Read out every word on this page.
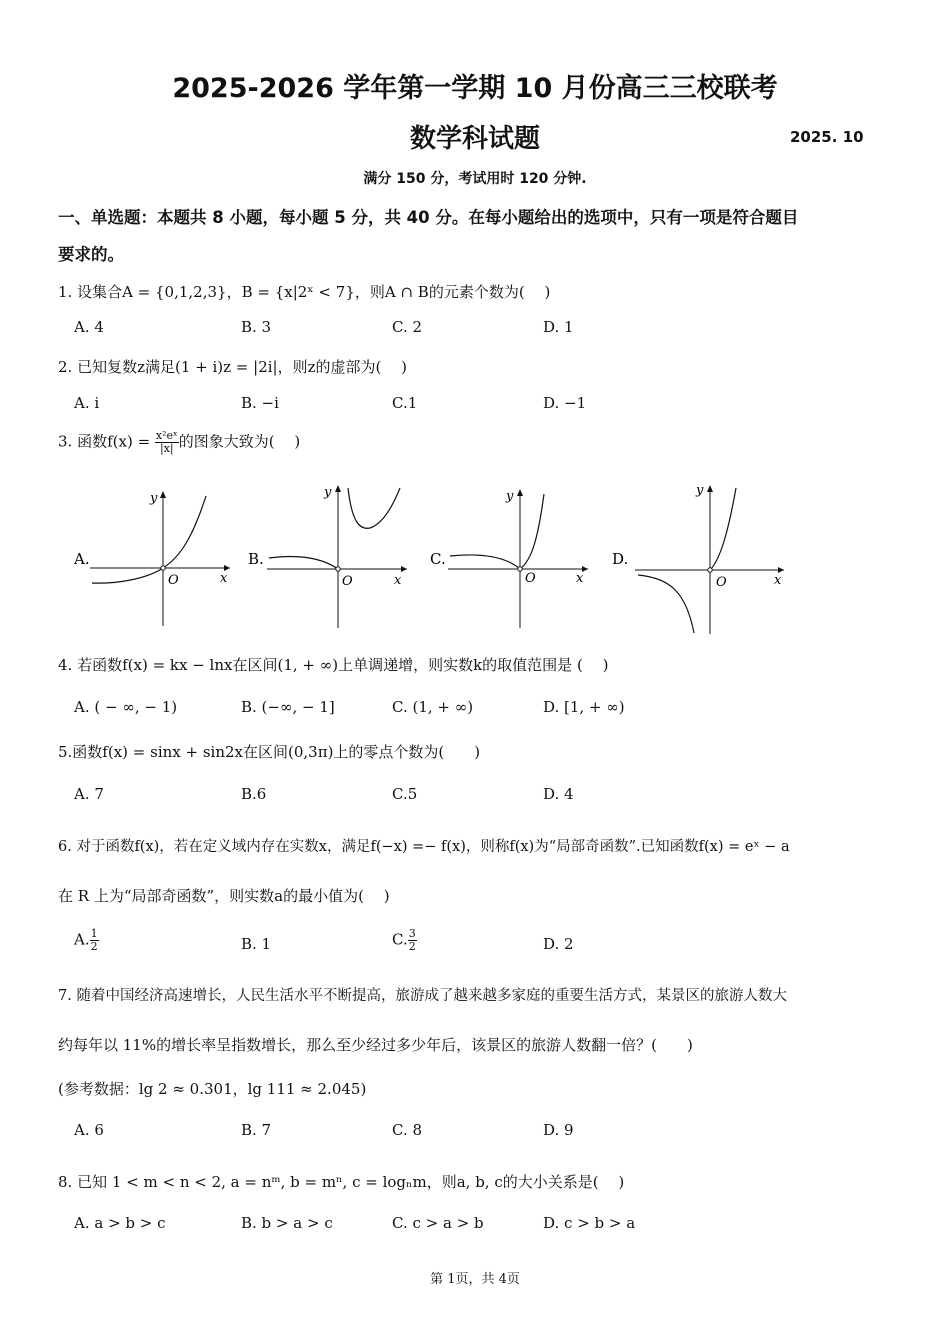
2025-2026 学年第一学期 10 月份高三三校联考
数学科试题	2025. 10
满分 150 分，考试用时 120 分钟.
一、单选题：本题共 8 小题，每小题 5 分，共 40 分。在每小题给出的选项中，只有一项是符合题目
要求的。
1. 设集合A = {0,1,2,3}，B = {x|2ˣ < 7}，则A ∩ B的元素个数为(　 )
A. 4	B. 3	C. 2	D. 1
2. 已知复数z满足(1 + i)z = |2i|，则z的虚部为(　 )
A. i	B. −i	C.1	D. −1
3. 函数$f(x) = \frac{\text{x²eˣ}}{|x|}$ 的图象大致为(　 )
A.
y
x
O
B.
y
x
O
C.
y
x
O
D.
y
x
O
4. 若函数f(x) = kx − lnx在区间(1, + ∞)上单调递增，则实数k的取值范围是 (　 )
A. ( − ∞, − 1)	B. (−∞, − 1]	C. (1, + ∞)	D. [1, + ∞)
5.函数f(x) = sinx + sin2x在区间(0,3π)上的零点个数为(　　)
A. 7	B.6	C.5	D. 4
6. 对于函数f(x)，若在定义域内存在实数x，满足f(−x) =− f(x)，则称f(x)为“局部奇函数”.已知函数f(x) = eˣ − a
在 R 上为“局部奇函数”，则实数a的最小值为(　 )
A. $\frac{1}{2}$	B. 1	C. $\frac{3}{2}$	D. 2
7. 随着中国经济高速增长，人民生活水平不断提高，旅游成了越来越多家庭的重要生活方式，某景区的旅游人数大
约每年以 11%的增长率呈指数增长，那么至少经过多少年后，该景区的旅游人数翻一倍？(　　)
(参考数据：lg 2 ≈ 0.301，lg 111 ≈ 2.045)
A. 6	B. 7	C. 8	D. 9
8. 已知 1 < m < n < 2, a = nᵐ, b = mⁿ, c = logₙm，则a, b, c的大小关系是(　 )
A. a > b > c	B. b > a > c	C. c > a > b	D. c > b > a
第 1页，共 4页
